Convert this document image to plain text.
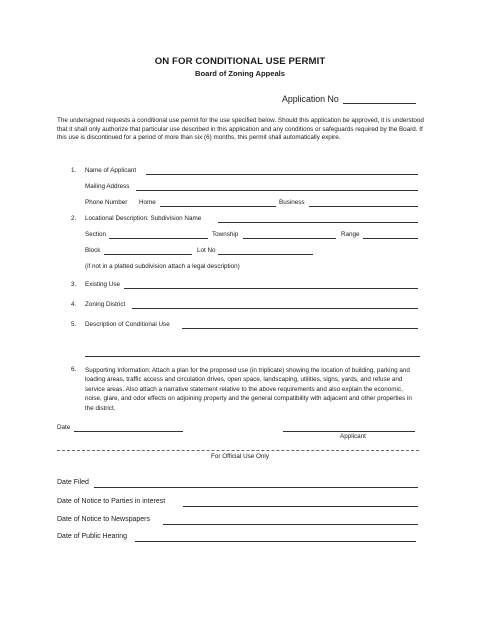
ON FOR CONDITIONAL USE PERMIT
Board of Zoning Appeals
Application No
The undersigned requests a conditional use permit for the use specified below. Should this application be approved, it is understood that it shall only authorize that particular use described in this application and any conditions or safeguards required by the Board. If this use is discontinued for a period of more than six (6) months, this permit shall automatically expire.
1. Name of Applicant
Mailing Address
Phone Number Home	Business
2. Locational Description: Subdivision Name
Section	Township	Range
Block	Lot No
(if not in a platted subdivision attach a legal description)
3. Existing Use
4. Zoning District
5. Description of Conditional Use
6. Supporting Information: Attach a plan for the proposed use (in triplicate) showing the location of building, parking and loading areas, traffic access and circulation drives, open space, landscaping, utilities, signs, yards, and refuse and service areas. Also attach a narrative statement relative to the above requirements and also explain the economic, noise, glare, and odor effects on adjoining property and the general compatibility with adjacent and other properties in the district.
Date
Applicant
For Official Use Only
Date Filed
Date of Notice to Parties in interest
Date of Notice to Newspapers
Date of Public Hearing
